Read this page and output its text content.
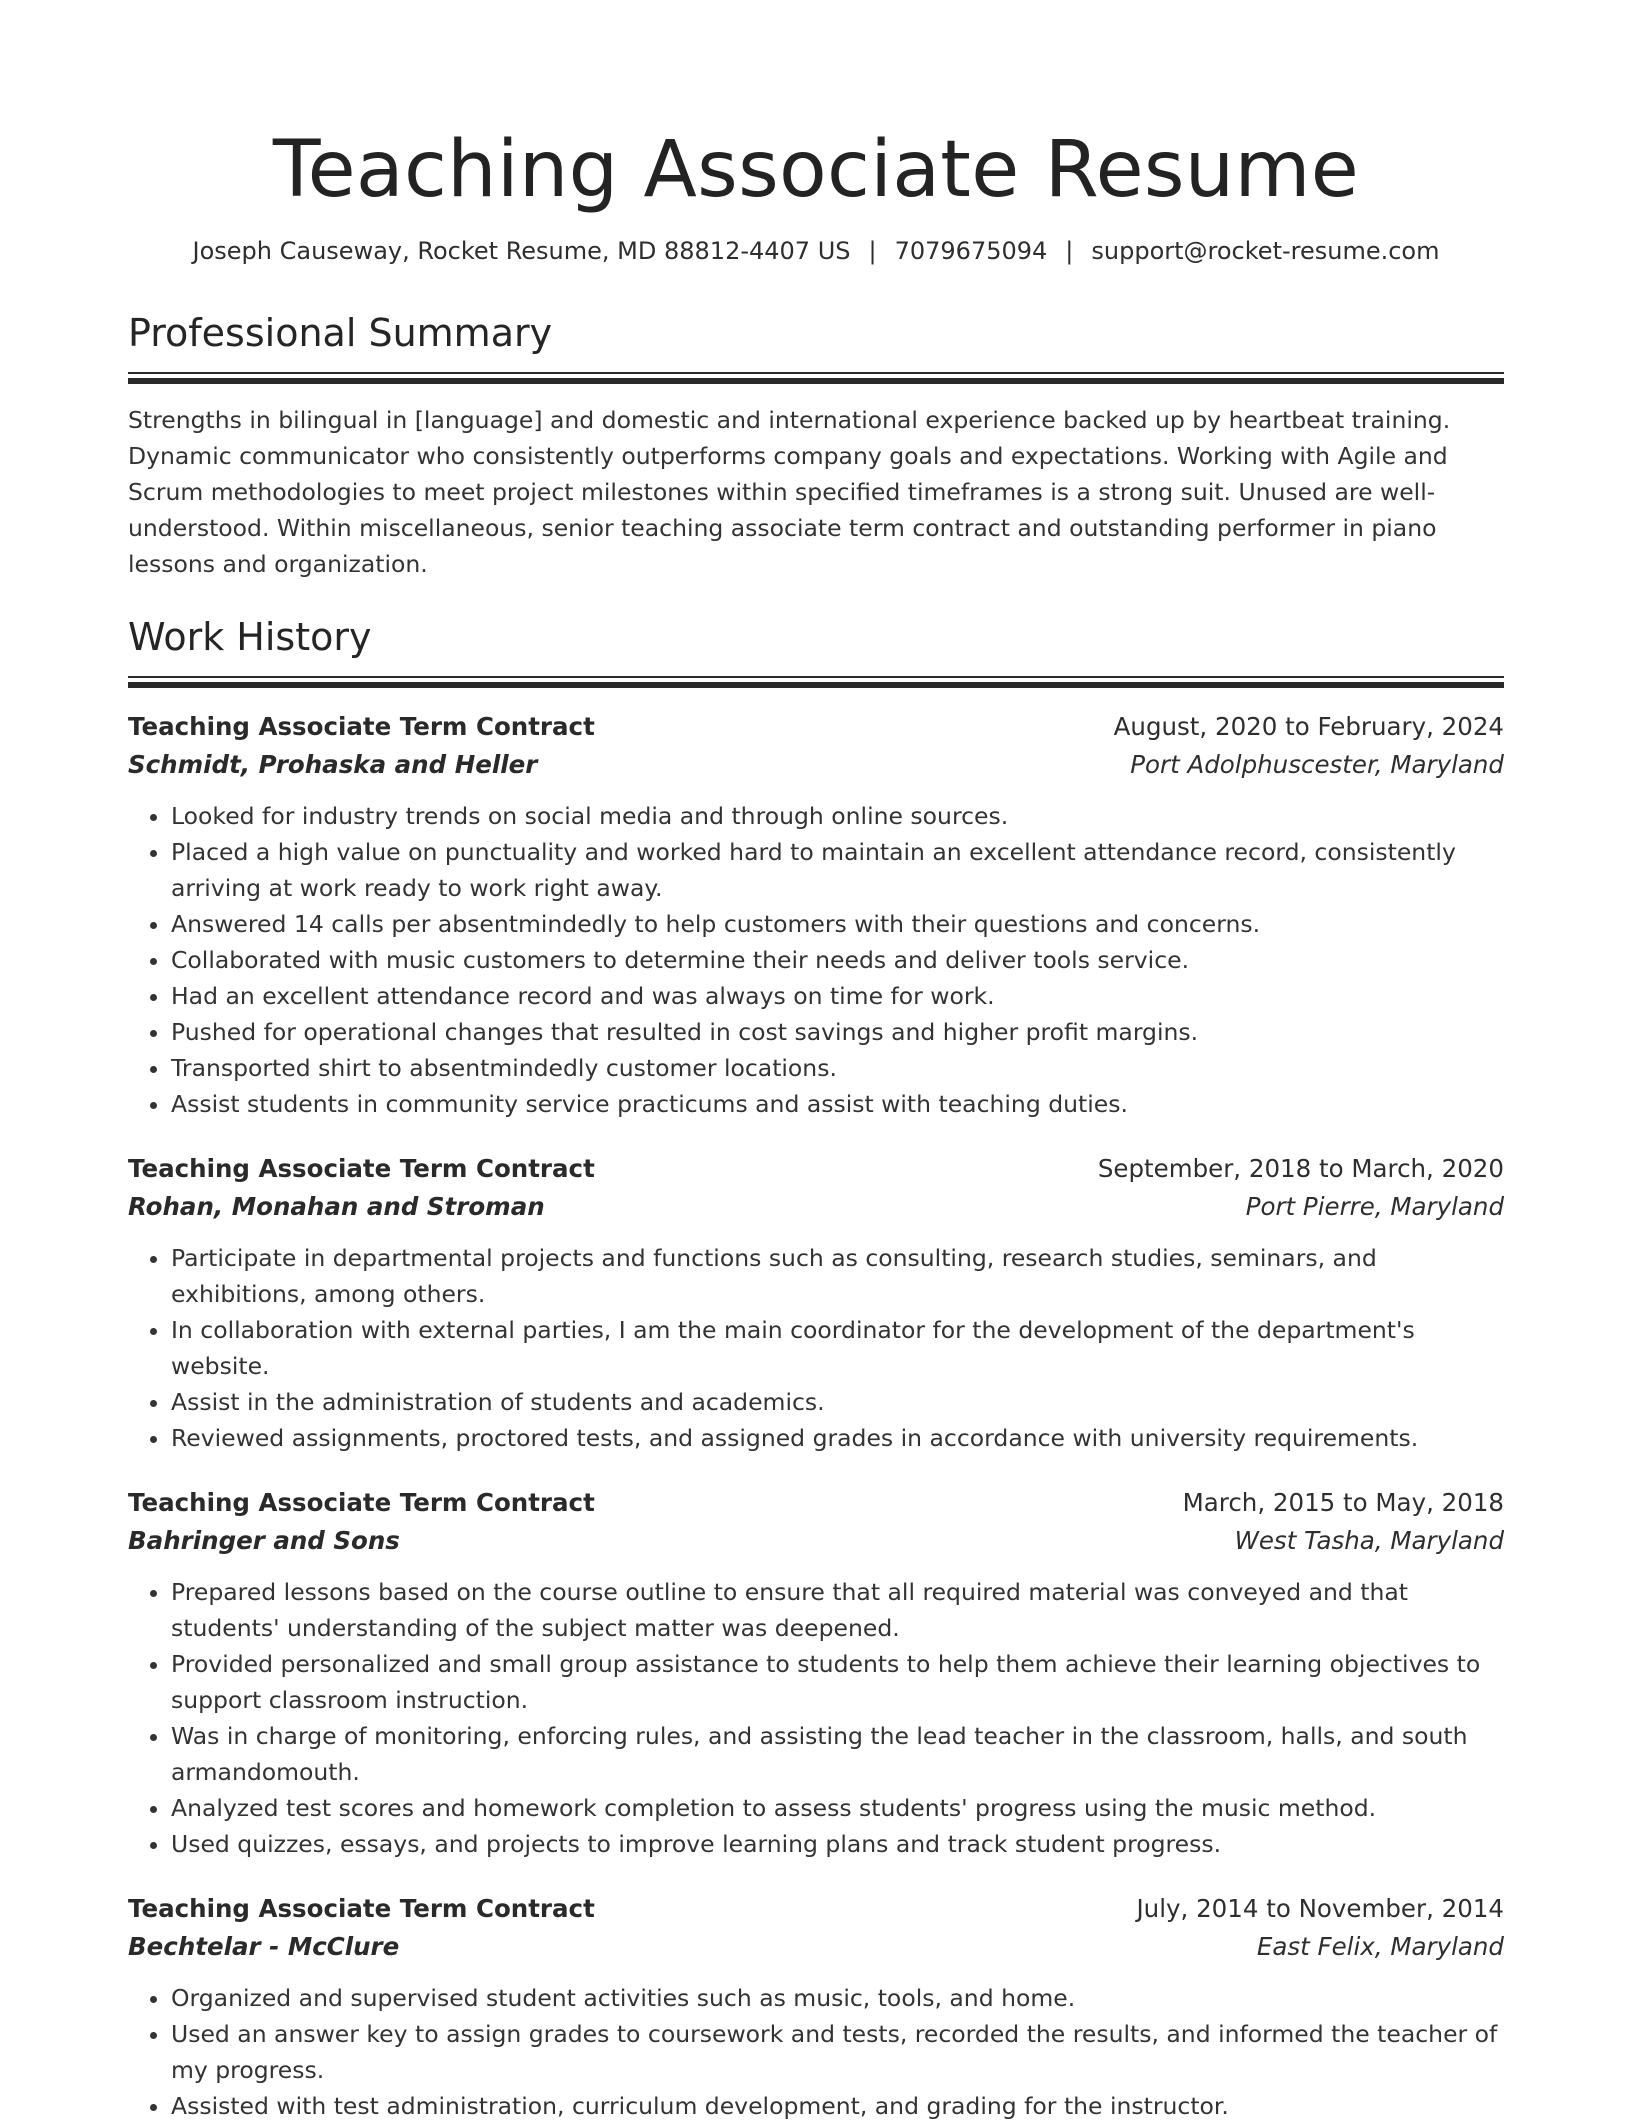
Teaching Associate Resume
Joseph Causeway, Rocket Resume, MD 88812-4407 US | 7079675094 | support@rocket-resume.com
Professional Summary

Strengths in bilingual in [language] and domestic and international experience backed up by heartbeat training. Dynamic communicator who consistently outperforms company goals and expectations. Working with Agile and Scrum methodologies to meet project milestones within specified timeframes is a strong suit. Unused are well-understood. Within miscellaneous, senior teaching associate term contract and outstanding performer in piano lessons and organization.

Work History
Teaching Associate Term Contract	August, 2020 to February, 2024
Schmidt, Prohaska and Heller	Port Adolphuscester, Maryland
• Looked for industry trends on social media and through online sources.
• Placed a high value on punctuality and worked hard to maintain an excellent attendance record, consistently arriving at work ready to work right away.
• Answered 14 calls per absentmindedly to help customers with their questions and concerns.
• Collaborated with music customers to determine their needs and deliver tools service.
• Had an excellent attendance record and was always on time for work.
• Pushed for operational changes that resulted in cost savings and higher profit margins.
• Transported shirt to absentmindedly customer locations.
• Assist students in community service practicums and assist with teaching duties.
Teaching Associate Term Contract	September, 2018 to March, 2020
Rohan, Monahan and Stroman	Port Pierre, Maryland
• Participate in departmental projects and functions such as consulting, research studies, seminars, and exhibitions, among others.
• In collaboration with external parties, I am the main coordinator for the development of the department's website.
• Assist in the administration of students and academics.
• Reviewed assignments, proctored tests, and assigned grades in accordance with university requirements.
Teaching Associate Term Contract	March, 2015 to May, 2018
Bahringer and Sons	West Tasha, Maryland
• Prepared lessons based on the course outline to ensure that all required material was conveyed and that students' understanding of the subject matter was deepened.
• Provided personalized and small group assistance to students to help them achieve their learning objectives to support classroom instruction.
• Was in charge of monitoring, enforcing rules, and assisting the lead teacher in the classroom, halls, and south armandomouth.
• Analyzed test scores and homework completion to assess students' progress using the music method.
• Used quizzes, essays, and projects to improve learning plans and track student progress.
Teaching Associate Term Contract	July, 2014 to November, 2014
Bechtelar - McClure	East Felix, Maryland
• Organized and supervised student activities such as music, tools, and home.
• Used an answer key to assign grades to coursework and tests, recorded the results, and informed the teacher of my progress.
• Assisted with test administration, curriculum development, and grading for the instructor.
